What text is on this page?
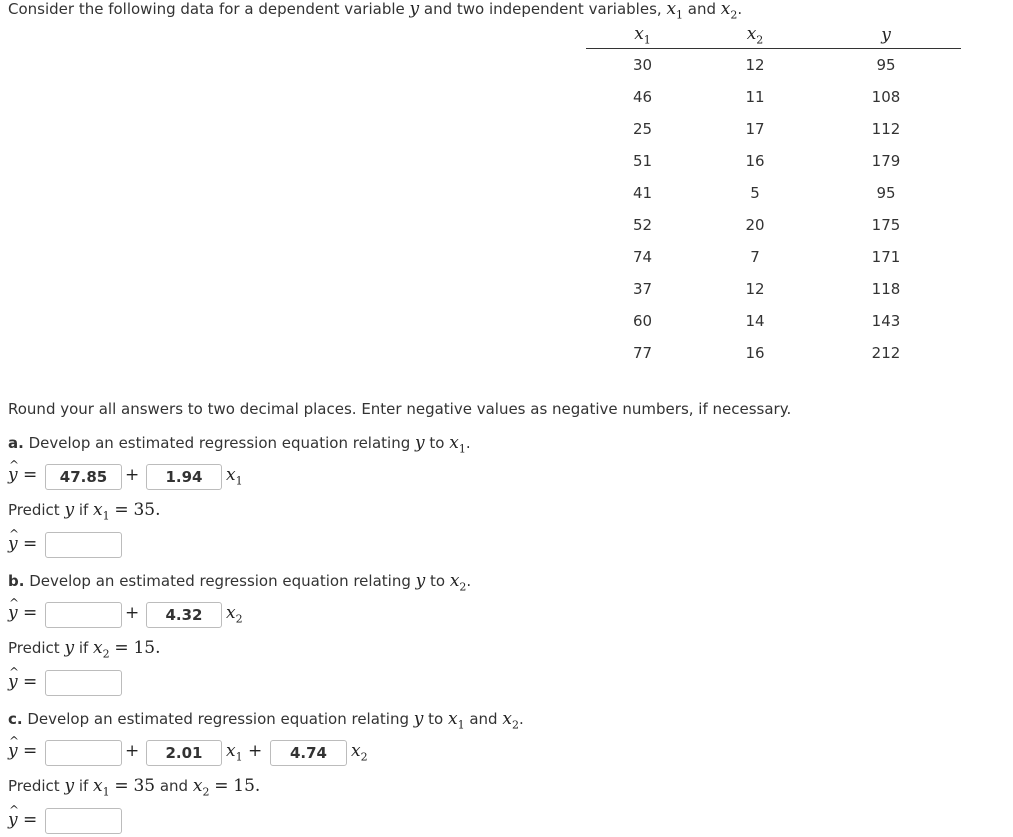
Consider the following data for a dependent variable y and two independent variables, $x_1$ and $x_2$.
$x_1$	$x_2$	y
30	12	95
46	11	108
25	17	112
51	16	179
41	5	95
52	20	175
74	7	171
37	12	118
60	14	143
77	16	212
Round your all answers to two decimal places. Enter negative values as negative numbers, if necessary.
a. Develop an estimated regression equation relating y to $x_1$.
^ y =	47.85	+	1.94	$x_1$
Predict y if $x_1 = 35$.
^ y =
b. Develop an estimated regression equation relating y to $x_2$.
^ y =	+	4.32	$x_2$
Predict y if $x_2 = 15$.
^ y =
c. Develop an estimated regression equation relating y to $x_1$ and $x_2$.
^ y =	+	2.01	$x_1$ +	4.74	$x_2$
Predict y if $x_1 = 35$ and $x_2 = 15$.
^ y =
